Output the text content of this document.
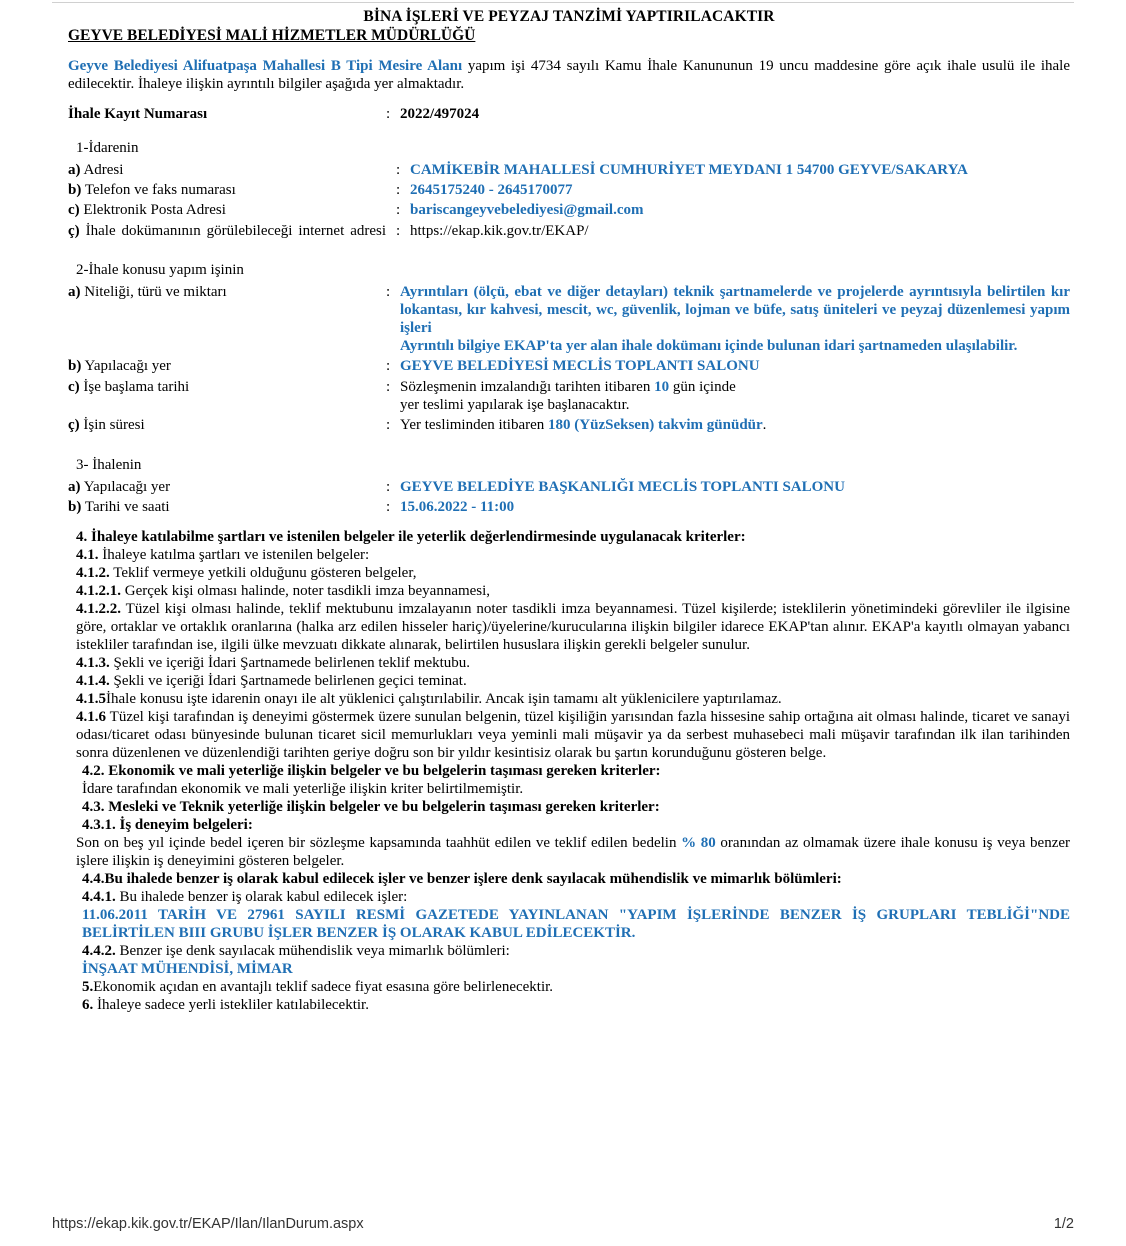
BİNA İŞLERİ VE PEYZAJ TANZİMİ YAPTIRILACAKTIR
GEYVE BELEDİYESİ MALİ HİZMETLER MÜDÜRLÜĞÜ

Geyve Belediyesi Alifuatpaşa Mahallesi B Tipi Mesire Alanı yapım işi 4734 sayılı Kamu İhale Kanununun 19 uncu maddesine göre açık ihale usulü ile ihale edilecektir. İhaleye ilişkin ayrıntılı bilgiler aşağıda yer almaktadır.

İhale Kayıt Numarası	:	2022/497024
1-İdarenin
a) Adresi	:	CAMİKEBİR MAHALLESİ CUMHURİYET MEYDANI 1 54700 GEYVE/SAKARYA
b) Telefon ve faks numarası	:	2645175240 - 2645170077
c) Elektronik Posta Adresi	:	bariscangeyvebelediyesi@gmail.com
ç) İhale dokümanının görülebileceği internet adresi	:	https://ekap.kik.gov.tr/EKAP/
2-İhale konusu yapım işinin
a) Niteliği, türü ve miktarı	:	Ayrıntıları (ölçü, ebat ve diğer detayları) teknik şartnamelerde ve projelerde ayrıntısıyla belirtilen kır lokantası, kır kahvesi, mescit, wc, güvenlik, lojman ve büfe, satış üniteleri ve peyzaj düzenlemesi yapım işleri
Ayrıntılı bilgiye EKAP'ta yer alan ihale dokümanı içinde bulunan idari şartnameden ulaşılabilir.

b) Yapılacağı yer	:	GEYVE BELEDİYESİ MECLİS TOPLANTI SALONU
c) İşe başlama tarihi	:	Sözleşmenin imzalandığı tarihten itibaren 10 gün içinde
yer teslimi yapılarak işe başlanacaktır.

ç) İşin süresi	:	Yer tesliminden itibaren 180 (YüzSeksen) takvim günüdür.
3- İhalenin
a) Yapılacağı yer	:	GEYVE BELEDİYE BAŞKANLIĞI MECLİS TOPLANTI SALONU
b) Tarihi ve saati	:	15.06.2022 - 11:00

4. İhaleye katılabilme şartları ve istenilen belgeler ile yeterlik değerlendirmesinde uygulanacak kriterler:

4.1. İhaleye katılma şartları ve istenilen belgeler:

4.1.2. Teklif vermeye yetkili olduğunu gösteren belgeler,

4.1.2.1. Gerçek kişi olması halinde, noter tasdikli imza beyannamesi,

4.1.2.2. Tüzel kişi olması halinde, teklif mektubunu imzalayanın noter tasdikli imza beyannamesi. Tüzel kişilerde; isteklilerin yönetimindeki görevliler ile ilgisine göre, ortaklar ve ortaklık oranlarına (halka arz edilen hisseler hariç)/üyelerine/kurucularına ilişkin bilgiler idarece EKAP'tan alınır. EKAP'a kayıtlı olmayan yabancı istekliler tarafından ise, ilgili ülke mevzuatı dikkate alınarak, belirtilen hususlara ilişkin gerekli belgeler sunulur.

4.1.3. Şekli ve içeriği İdari Şartnamede belirlenen teklif mektubu.

4.1.4. Şekli ve içeriği İdari Şartnamede belirlenen geçici teminat.

4.1.5İhale konusu işte idarenin onayı ile alt yüklenici çalıştırılabilir. Ancak işin tamamı alt yüklenicilere yaptırılamaz.

4.1.6 Tüzel kişi tarafından iş deneyimi göstermek üzere sunulan belgenin, tüzel kişiliğin yarısından fazla hissesine sahip ortağına ait olması halinde, ticaret ve sanayi odası/ticaret odası bünyesinde bulunan ticaret sicil memurlukları veya yeminli mali müşavir ya da serbest muhasebeci mali müşavir tarafından ilk ilan tarihinden sonra düzenlenen ve düzenlendiği tarihten geriye doğru son bir yıldır kesintisiz olarak bu şartın korunduğunu gösteren belge.

4.2. Ekonomik ve mali yeterliğe ilişkin belgeler ve bu belgelerin taşıması gereken kriterler:

İdare tarafından ekonomik ve mali yeterliğe ilişkin kriter belirtilmemiştir.

4.3. Mesleki ve Teknik yeterliğe ilişkin belgeler ve bu belgelerin taşıması gereken kriterler:

4.3.1. İş deneyim belgeleri:

Son on beş yıl içinde bedel içeren bir sözleşme kapsamında taahhüt edilen ve teklif edilen bedelin % 80 oranından az olmamak üzere ihale konusu iş veya benzer işlere ilişkin iş deneyimini gösteren belgeler.

4.4.Bu ihalede benzer iş olarak kabul edilecek işler ve benzer işlere denk sayılacak mühendislik ve mimarlık bölümleri:

4.4.1. Bu ihalede benzer iş olarak kabul edilecek işler:

11.06.2011 TARİH VE 27961 SAYILI RESMİ GAZETEDE YAYINLANAN "YAPIM İŞLERİNDE BENZER İŞ GRUPLARI TEBLİĞİ"NDE BELİRTİLEN BIII GRUBU İŞLER BENZER İŞ OLARAK KABUL EDİLECEKTİR.

4.4.2. Benzer işe denk sayılacak mühendislik veya mimarlık bölümleri:

İNŞAAT MÜHENDİSİ, MİMAR

5.Ekonomik açıdan en avantajlı teklif sadece fiyat esasına göre belirlenecektir.

6. İhaleye sadece yerli istekliler katılabilecektir.

https://ekap.kik.gov.tr/EKAP/Ilan/IlanDurum.aspx	1/2
